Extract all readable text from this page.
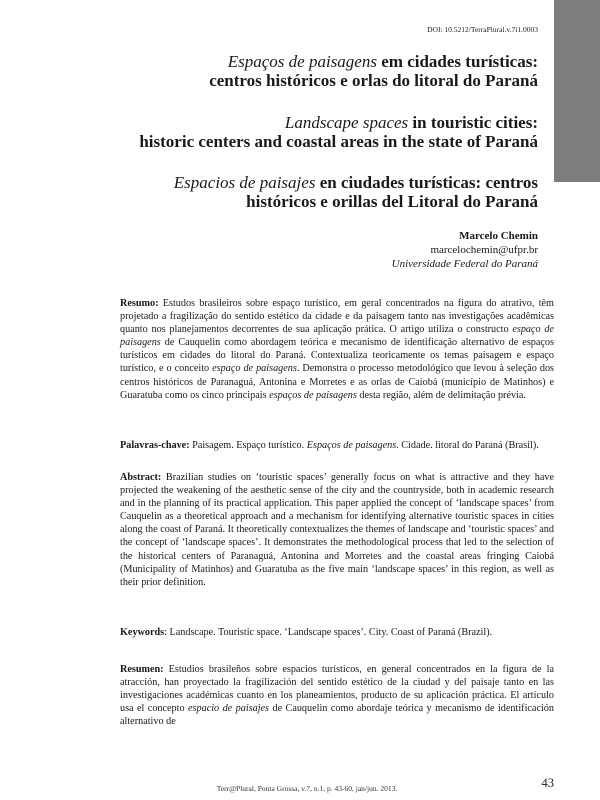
DOI: 10.5212/TerraPlural.v.7i1.0003
Espaços de paisagens em cidades turísticas:
centros históricos e orlas do litoral do Paraná
Landscape spaces in touristic cities:
historic centers and coastal areas in the state of Paraná
Espacios de paisajes en ciudades turísticas: centros
históricos e orillas del Litoral do Paraná
Marcelo Chemin
marcelochemin@ufpr.br
Universidade Federal do Paraná
Resumo: Estudos brasileiros sobre espaço turístico, em geral concentrados na figura do atrativo, têm projetado a fragilização do sentido estético da cidade e da paisagem tanto nas investigações acadêmicas quanto nos planejamentos decorrentes de sua aplicação prática. O artigo utiliza o constructo espaço de paisagens de Cauquelin como abordagem teórica e mecanismo de identificação alternativo de espaços turísticos em cidades do litoral do Paraná. Contextualiza teoricamente os temas paisagem e espaço turístico, e o conceito espaço de paisagens. Demonstra o processo metodológico que levou à seleção dos centros históricos de Paranaguá, Antonina e Morretes e as orlas de Caiobá (município de Matinhos) e Guaratuba como os cinco principais espaços de paisagens desta região, além de delimitação prévia.
Palavras-chave: Paisagem. Espaço turístico. Espaços de paisagens. Cidade. litoral do Paraná (Brasil).
Abstract: Brazilian studies on ‘touristic spaces’ generally focus on what is attractive and they have projected the weakening of the aesthetic sense of the city and the countryside, both in academic research and in the planning of its practical application. This paper applied the concept of ‘landscape spaces’ from Cauquelin as a theoretical approach and a mechanism for identifying alternative touristic spaces in cities along the coast of Paraná. It theoretically contextualizes the themes of landscape and ‘touristic spaces’ and the concept of ‘landscape spaces’. It demonstrates the methodological process that led to the selection of the historical centers of Paranaguá, Antonina and Morretes and the coastal areas fringing Caiobá (Municipality of Matinhos) and Guaratuba as the five main ‘landscape spaces’ in this region, as well as their prior definition.
Keywords: Landscape. Touristic space. ‘Landscape spaces’. City. Coast of Paraná (Brazil).
Resumen: Estudios brasileños sobre espacios turísticos, en general concentrados en la figura de la atracción, han proyectado la fragilización del sentido estético de la ciudad y del paisaje tanto en las investigaciones académicas cuanto en los planeamientos, producto de su aplicación práctica. El artículo usa el concepto espacio de paisajes de Cauquelin como abordaje teórica y mecanismo de identificación alternativo de
Terr@Plural, Ponta Grossa, v.7, n.1, p. 43-60, jan/jun. 2013.	43
